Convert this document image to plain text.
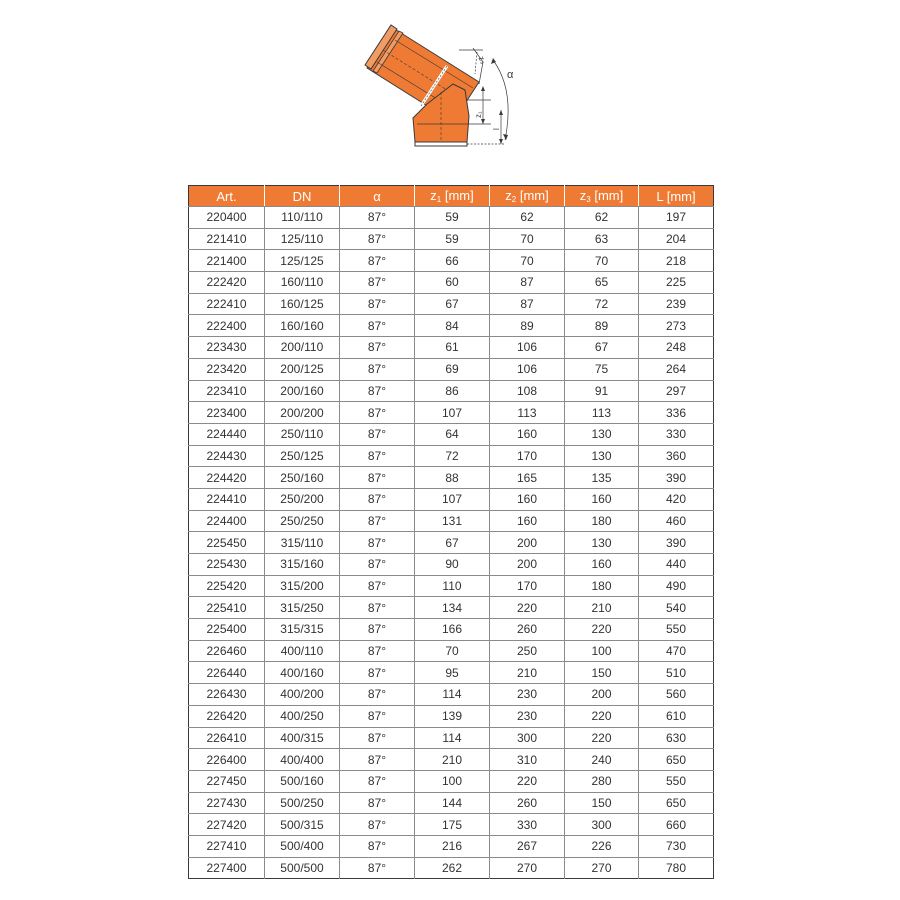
z₃
z₁
l
α
Art.	DN	α	$z_1$ [mm]	$z_2$ [mm]	$z_3$ [mm]	L [mm]
220400	110/110	87°	59	62	62	197
221410	125/110	87°	59	70	63	204
221400	125/125	87°	66	70	70	218
222420	160/110	87°	60	87	65	225
222410	160/125	87°	67	87	72	239
222400	160/160	87°	84	89	89	273
223430	200/110	87°	61	106	67	248
223420	200/125	87°	69	106	75	264
223410	200/160	87°	86	108	91	297
223400	200/200	87°	107	113	113	336
224440	250/110	87°	64	160	130	330
224430	250/125	87°	72	170	130	360
224420	250/160	87°	88	165	135	390
224410	250/200	87°	107	160	160	420
224400	250/250	87°	131	160	180	460
225450	315/110	87°	67	200	130	390
225430	315/160	87°	90	200	160	440
225420	315/200	87°	110	170	180	490
225410	315/250	87°	134	220	210	540
225400	315/315	87°	166	260	220	550
226460	400/110	87°	70	250	100	470
226440	400/160	87°	95	210	150	510
226430	400/200	87°	114	230	200	560
226420	400/250	87°	139	230	220	610
226410	400/315	87°	114	300	220	630
226400	400/400	87°	210	310	240	650
227450	500/160	87°	100	220	280	550
227430	500/250	87°	144	260	150	650
227420	500/315	87°	175	330	300	660
227410	500/400	87°	216	267	226	730
227400	500/500	87°	262	270	270	780
